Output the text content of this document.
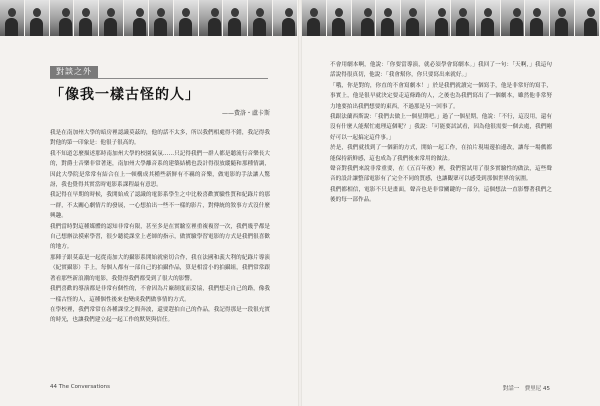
對談之外
「像我一樣古怪的人」
——費洛・盧卡斯

我是在南加州大學的暗房裡認識莫茲的，他的話不太多，所以我們相處得不錯，我記得我對他的第一印象是：他很子很高的。

我不知道怎麼描述那時南加州大學的校園氣氛……只記得我們一群人都是聽流行音樂長大的，對爵士音樂非常著迷，南加州大學離音系的建築結構也設計得很放縱隨和那種情調，因此大學院是常常有結合在上一頓構成其種些新鮮有不羈的音樂，做電影的手法讓人驚訝，我也覺得其實當時電影系課程最有意思。

我記得在早期的時候，我開始成了認識的電影系學生之中比較喜歡實驗性質和紀錄片的那一群，不太關心劇情片的發展，一心想拍出一些不一樣的影片，對傳統的敘事方式沒什麼興趣。

我們當時對這種媒體的認知非常有限，甚至多是在實驗室裡重複複習一次，我們幾乎都是自己想辦法摸索學習，很少聽從課堂上老師的指示，做實驗學習電影的方式是我們很喜歡的地方。

那陣子跟莫茲是一起從南加大的攝影系開始就密切合作，我在法國和義大利的紀錄片導演（紀實攝影）手上，每個人都有一部自己的拍攝作品，算是相當小的拍攝組，我們常常跟著看那些新浪潮的電影，我覺得我們都受到了很大的影響。

我們喜歡的導演都是非常有個性的，不會因為片廠制度而妥協，我們想走自己的路，像我一樣古怪的人，這種個性後來也變成我們做事情的方式。

在學校裡，我們常常在各種課堂之間奔波，還要趕拍自己的作品，我記得那是一段很充實的時光，也讓我們建立起一起工作的默契與信任。

不會用劇本啊，他說：「你要當導演，就必須學會寫劇本。」我回了一句：「天啊，」我這句話說得很真切，他說：「我會幫你，你只要寫出來就好。」

「哦，你是對的，你直的不會寫劇本！」於是我們就讀完一個寫手，他是非常好的寫手，事實上，他是很早就決定要走這條路的人，之後也為我們寫出了一個劇本，雖然他非常努力地要拍出我們想要的東西，不過那是另一回事了。

我跟法蘭西斯說：「我們去做上一個星期吧。」過了一個星期，他說：「不行，這沒用，還有沒有什麼人能幫忙處理這個呢？」我說：「可能要試試看，因為他很需要一個去處，我們剛好可以一起搞定這件事。」

於是，我們就找到了一個新的方式，開始一起工作，在拍片現場邊拍邊改，讓每一場戲都能保持新鮮感，這也成為了我們後來常用的做法。

聲音對我們來說非常重要，在《五百年後》裡，我們嘗試用了很多實驗性的做法，這些聲音的設計讓整部電影有了完全不同的質感，也讓觀眾可以感受到那個世界的氛圍。

我們都相信，電影不只是畫面，聲音也是非常關鍵的一部分，這個想法一直影響著我們之後的每一部作品。

44 The Conversations	對話一　費里尼 45
